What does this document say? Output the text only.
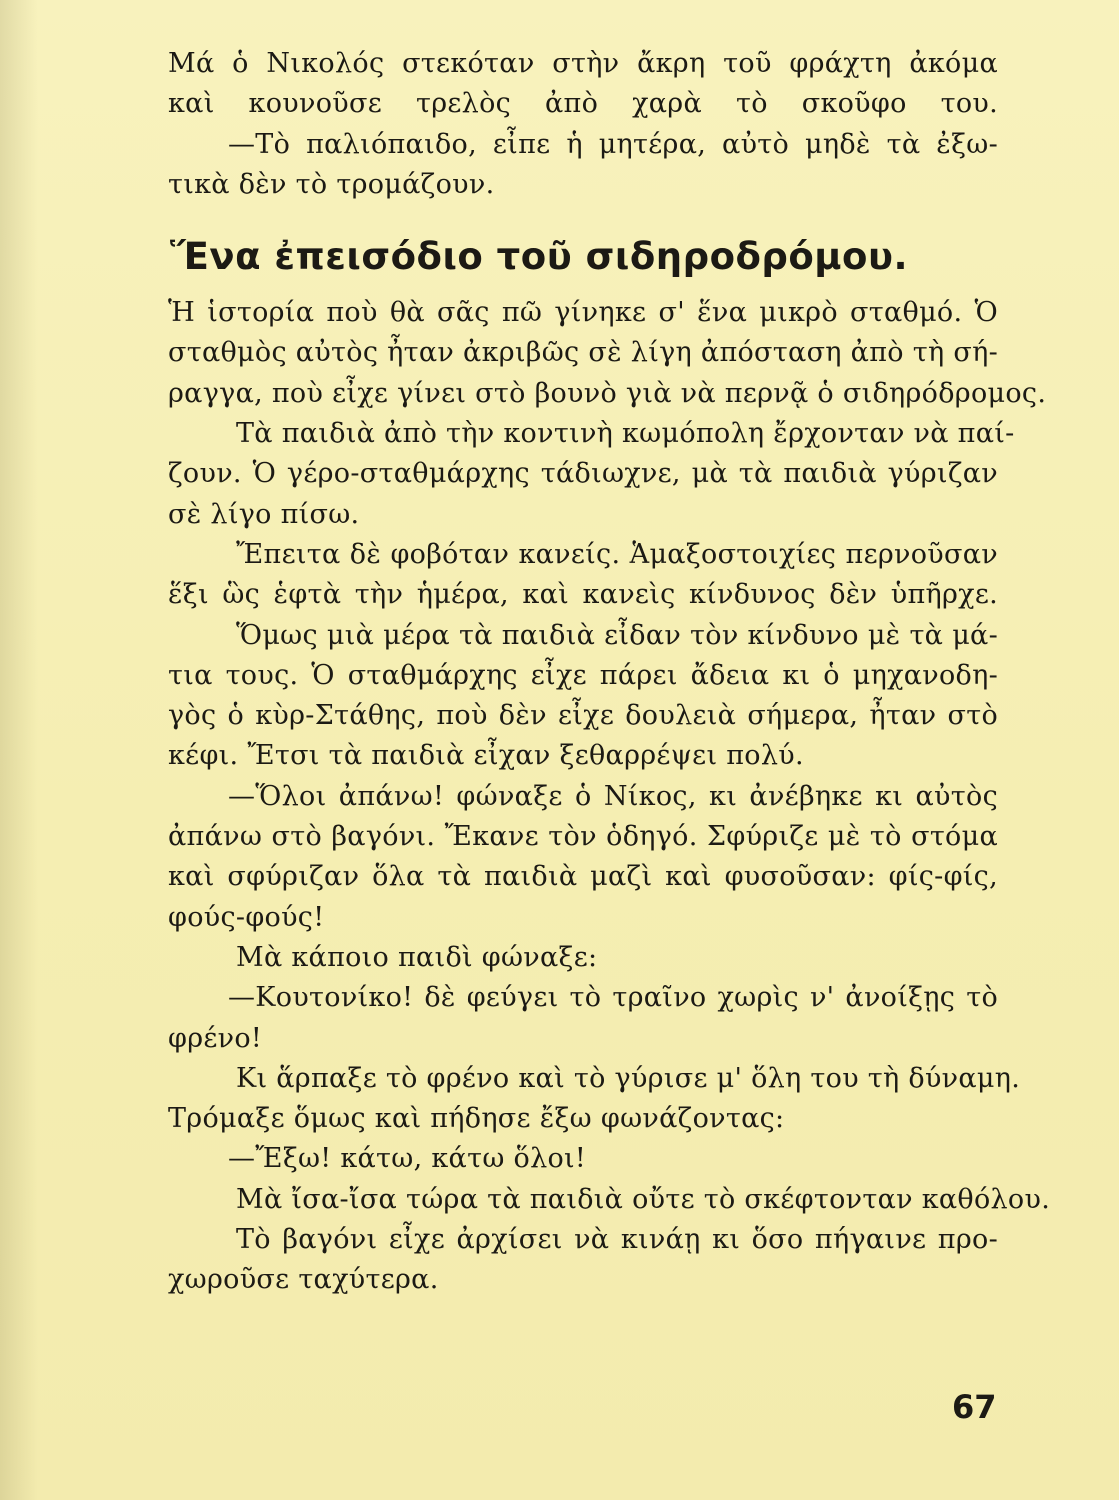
Μά ὁ Νικολός στεκόταν στὴν ἄκρη τοῦ φράχτη ἀκόμα
καὶ κουνοῦσε τρελὸς ἀπὸ χαρὰ τὸ σκοῦφο του.
—Τὸ παλιόπαιδο, εἶπε ἡ μητέρα, αὐτὸ μηδὲ τὰ ἐξω-
τικὰ δὲν τὸ τρομάζουν.
Ἕνα ἐπεισόδιο τοῦ σιδηροδρόμου.
Ἡ ἱστορία ποὺ θὰ σᾶς πῶ γίνηκε σ' ἕνα μικρὸ σταθμό. Ὁ
σταθμὸς αὐτὸς ἦταν ἀκριβῶς σὲ λίγη ἀπόσταση ἀπὸ τὴ σή-
ραγγα, ποὺ εἶχε γίνει στὸ βουνὸ γιὰ νὰ περνᾷ ὁ σιδηρόδρομος.
Τὰ παιδιὰ ἀπὸ τὴν κοντινὴ κωμόπολη ἔρχονταν νὰ παί-
ζουν. Ὁ γέρο-σταθμάρχης τάδιωχνε, μὰ τὰ παιδιὰ γύριζαν
σὲ λίγο πίσω.
Ἔπειτα δὲ φοβόταν κανείς. Ἁμαξοστοιχίες περνοῦσαν
ἕξι ὣς ἑφτὰ τὴν ἡμέρα, καὶ κανεὶς κίνδυνος δὲν ὑπῆρχε.
Ὅμως μιὰ μέρα τὰ παιδιὰ εἶδαν τὸν κίνδυνο μὲ τὰ μά-
τια τους. Ὁ σταθμάρχης εἶχε πάρει ἄδεια κι ὁ μηχανοδη-
γὸς ὁ κὺρ-Στάθης, ποὺ δὲν εἶχε δουλειὰ σήμερα, ἦταν στὸ
κέφι. Ἔτσι τὰ παιδιὰ εἶχαν ξεθαρρέψει πολύ.
—Ὅλοι ἀπάνω! φώναξε ὁ Νίκος, κι ἀνέβηκε κι αὐτὸς
ἀπάνω στὸ βαγόνι. Ἔκανε τὸν ὁδηγό. Σφύριζε μὲ τὸ στόμα
καὶ σφύριζαν ὅλα τὰ παιδιὰ μαζὶ καὶ φυσοῦσαν: φίς-φίς,
φούς-φούς!
Μὰ κάποιο παιδὶ φώναξε:
—Κουτονίκο! δὲ φεύγει τὸ τραῖνο χωρὶς ν' ἀνοίξῃς τὸ
φρένο!
Κι ἅρπαξε τὸ φρένο καὶ τὸ γύρισε μ' ὅλη του τὴ δύναμη.
Τρόμαξε ὅμως καὶ πήδησε ἔξω φωνάζοντας:
—Ἔξω! κάτω, κάτω ὅλοι!
Μὰ ἴσα-ἴσα τώρα τὰ παιδιὰ οὔτε τὸ σκέφτονταν καθόλου.
Τὸ βαγόνι εἶχε ἀρχίσει νὰ κινάῃ κι ὅσο πήγαινε προ-
χωροῦσε ταχύτερα.
67
